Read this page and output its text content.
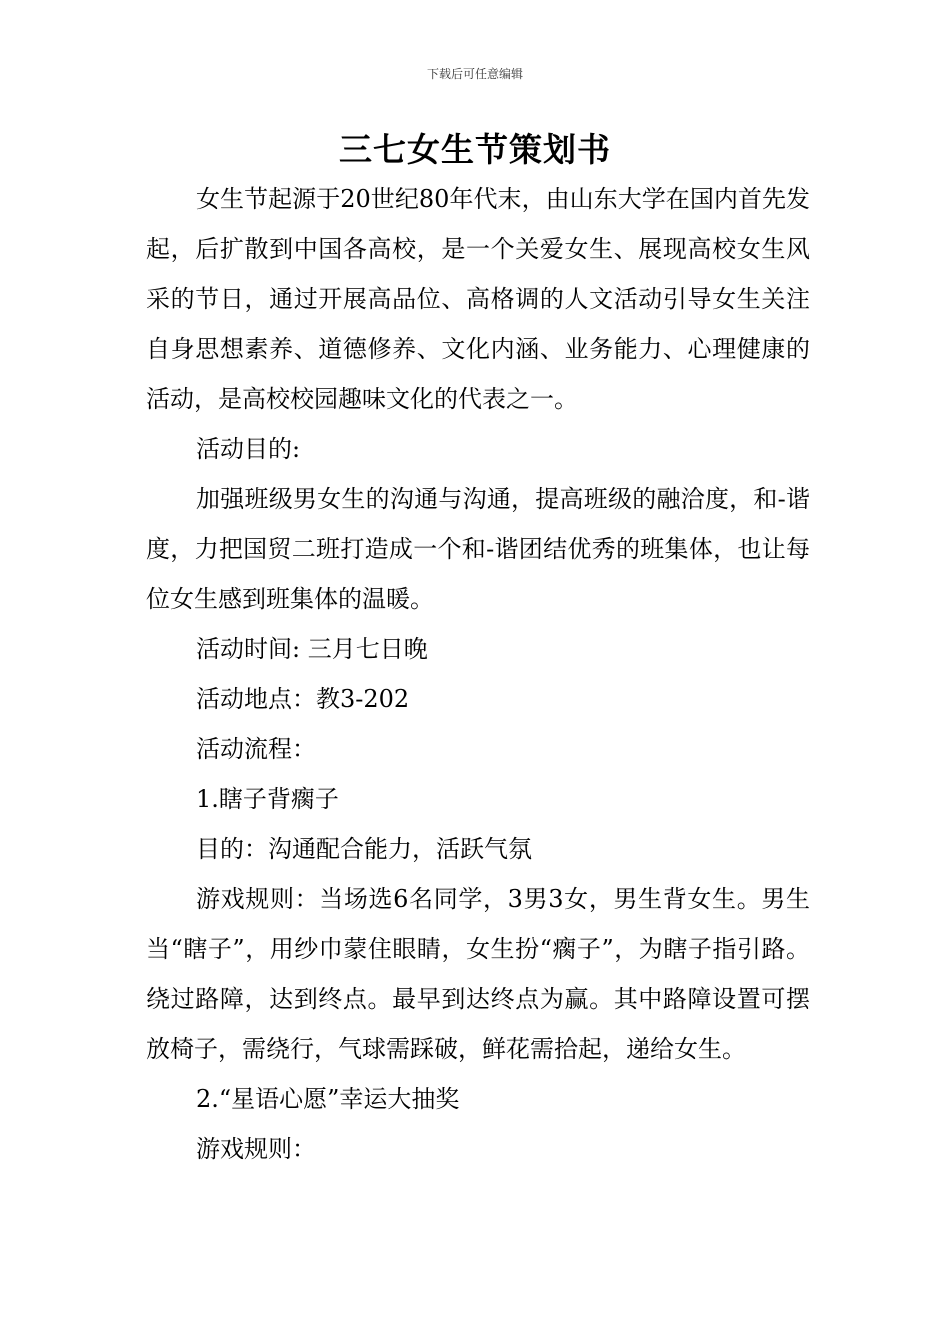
下载后可任意编辑
三七女生节策划书

女生节起源于20世纪80年代末，由山东大学在国内首先发起，后扩散到中国各高校，是一个关爱女生、展现高校女生风采的节日，通过开展高品位、高格调的人文活动引导女生关注自身思想素养、道德修养、文化内涵、业务能力、心理健康的活动，是高校校园趣味文化的代表之一。

活动目的:

加强班级男女生的沟通与沟通，提高班级的融洽度，和-谐度，力把国贸二班打造成一个和-谐团结优秀的班集体，也让每位女生感到班集体的温暖。

活动时间: 三月七日晚

活动地点：教3-202

活动流程：

1.瞎子背瘸子

目的：沟通配合能力，活跃气氛

游戏规则：当场选6名同学，3男3女，男生背女生。男生当“瞎子”，用纱巾蒙住眼睛，女生扮“瘸子”，为瞎子指引路。绕过路障，达到终点。最早到达终点为赢。其中路障设置可摆放椅子，需绕行，气球需踩破，鲜花需拾起，递给女生。

2.“星语心愿”幸运大抽奖

游戏规则：
